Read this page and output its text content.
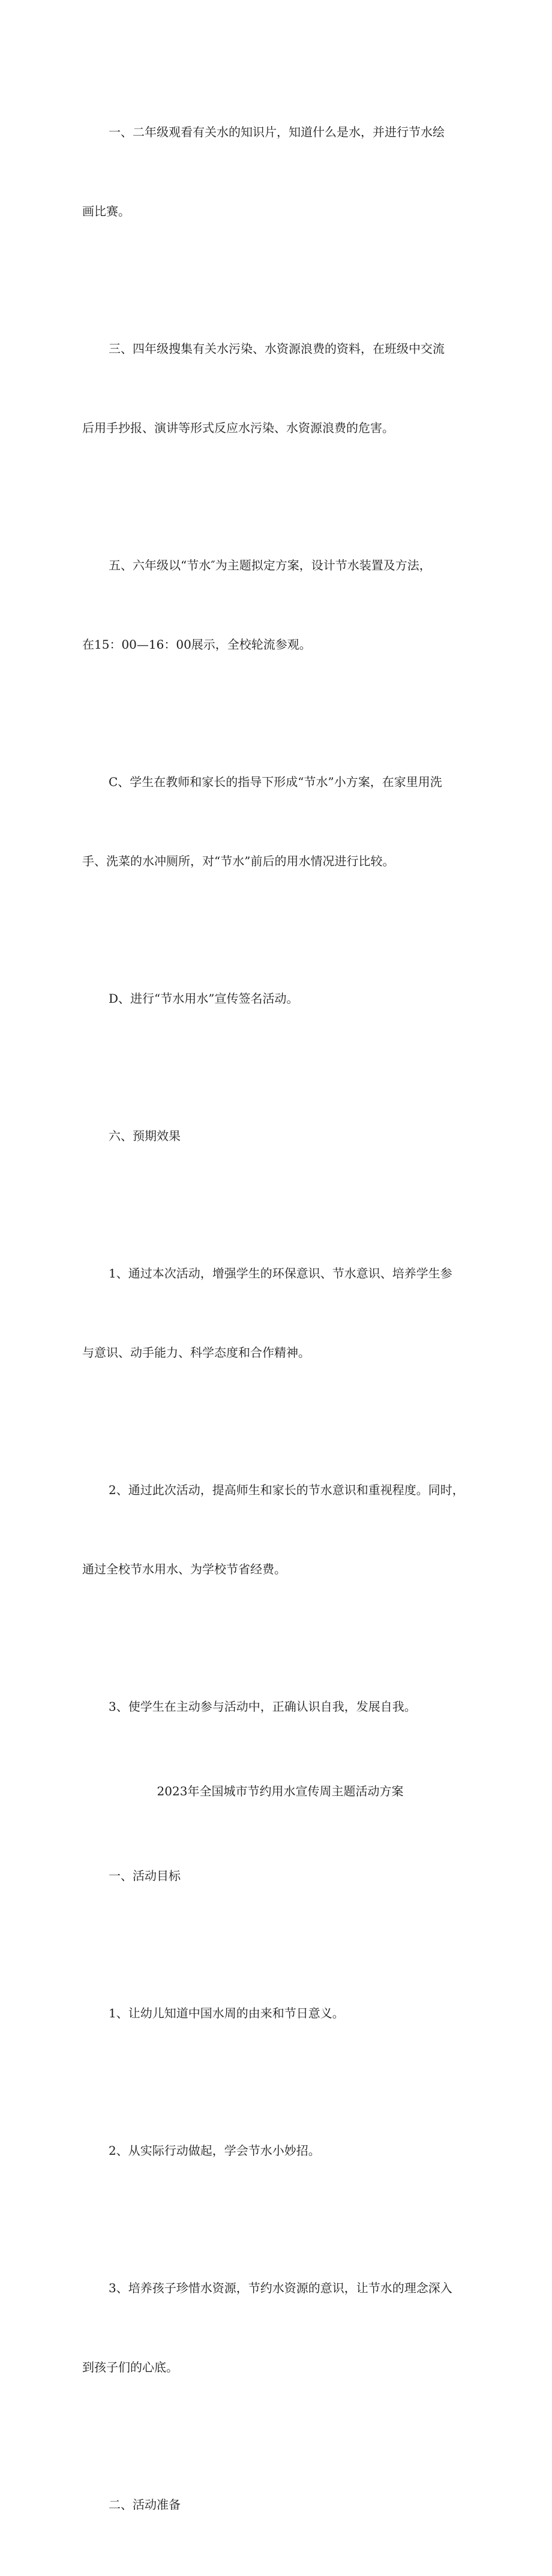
一、二年级观看有关水的知识片，知道什么是水，并进行节水绘

画比赛。

三、四年级搜集有关水污染、水资源浪费的资料，在班级中交流

后用手抄报、演讲等形式反应水污染、水资源浪费的危害。

五、六年级以“节水″为主题拟定方案，设计节水装置及方法，

在15：00—16：00展示，全校轮流参观。

C、学生在教师和家长的指导下形成“节水”小方案，在家里用洗

手、洗菜的水冲厕所，对“节水”前后的用水情况进行比较。

D、进行“节水用水”宣传签名活动。

六、预期效果

1、通过本次活动，增强学生的环保意识、节水意识、培养学生参

与意识、动手能力、科学态度和合作精神。

2、通过此次活动，提高师生和家长的节水意识和重视程度。同时，

通过全校节水用水、为学校节省经费。

3、使学生在主动参与活动中，正确认识自我，发展自我。

2023年全国城市节约用水宣传周主题活动方案

一、活动目标

1、让幼儿知道中国水周的由来和节日意义。

2、从实际行动做起，学会节水小妙招。

3、培养孩子珍惜水资源，节约水资源的意识，让节水的理念深入

到孩子们的心底。

二、活动准备
